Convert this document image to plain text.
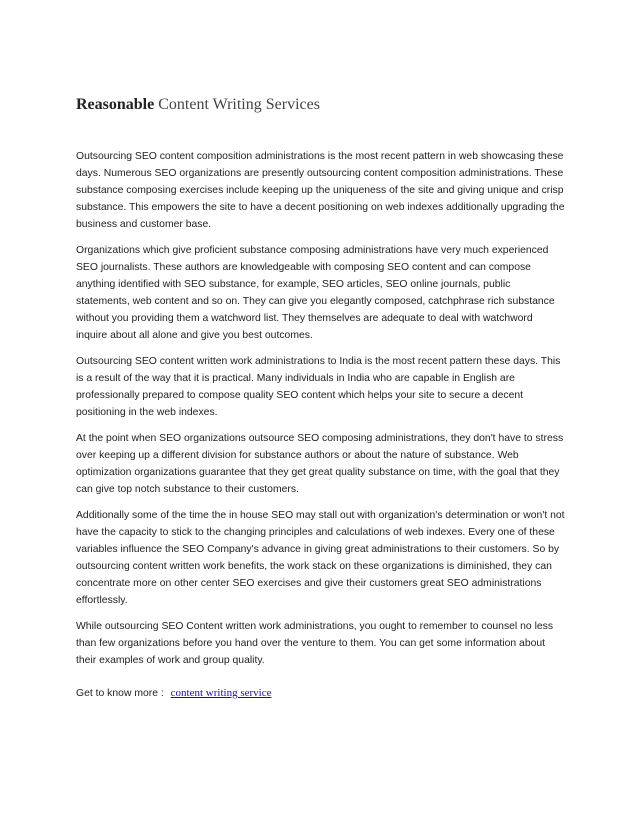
Reasonable Content Writing Services

Outsourcing SEO content composition administrations is the most recent pattern in web showcasing these days. Numerous SEO organizations are presently outsourcing content composition administrations. These substance composing exercises include keeping up the uniqueness of the site and giving unique and crisp substance. This empowers the site to have a decent positioning on web indexes additionally upgrading the business and customer base.

Organizations which give proficient substance composing administrations have very much experienced SEO journalists. These authors are knowledgeable with composing SEO content and can compose anything identified with SEO substance, for example, SEO articles, SEO online journals, public statements, web content and so on. They can give you elegantly composed, catchphrase rich substance without you providing them a watchword list. They themselves are adequate to deal with watchword inquire about all alone and give you best outcomes.

Outsourcing SEO content written work administrations to India is the most recent pattern these days. This is a result of the way that it is practical. Many individuals in India who are capable in English are professionally prepared to compose quality SEO content which helps your site to secure a decent positioning in the web indexes.

At the point when SEO organizations outsource SEO composing administrations, they don't have to stress over keeping up a different division for substance authors or about the nature of substance. Web optimization organizations guarantee that they get great quality substance on time, with the goal that they can give top notch substance to their customers.

Additionally some of the time the in house SEO may stall out with organization's determination or won't not have the capacity to stick to the changing principles and calculations of web indexes. Every one of these variables influence the SEO Company's advance in giving great administrations to their customers. So by outsourcing content written work benefits, the work stack on these organizations is diminished, they can concentrate more on other center SEO exercises and give their customers great SEO administrations effortlessly.

While outsourcing SEO Content written work administrations, you ought to remember to counsel no less than few organizations before you hand over the venture to them. You can get some information about their examples of work and group quality.

Get to know more : content writing service
